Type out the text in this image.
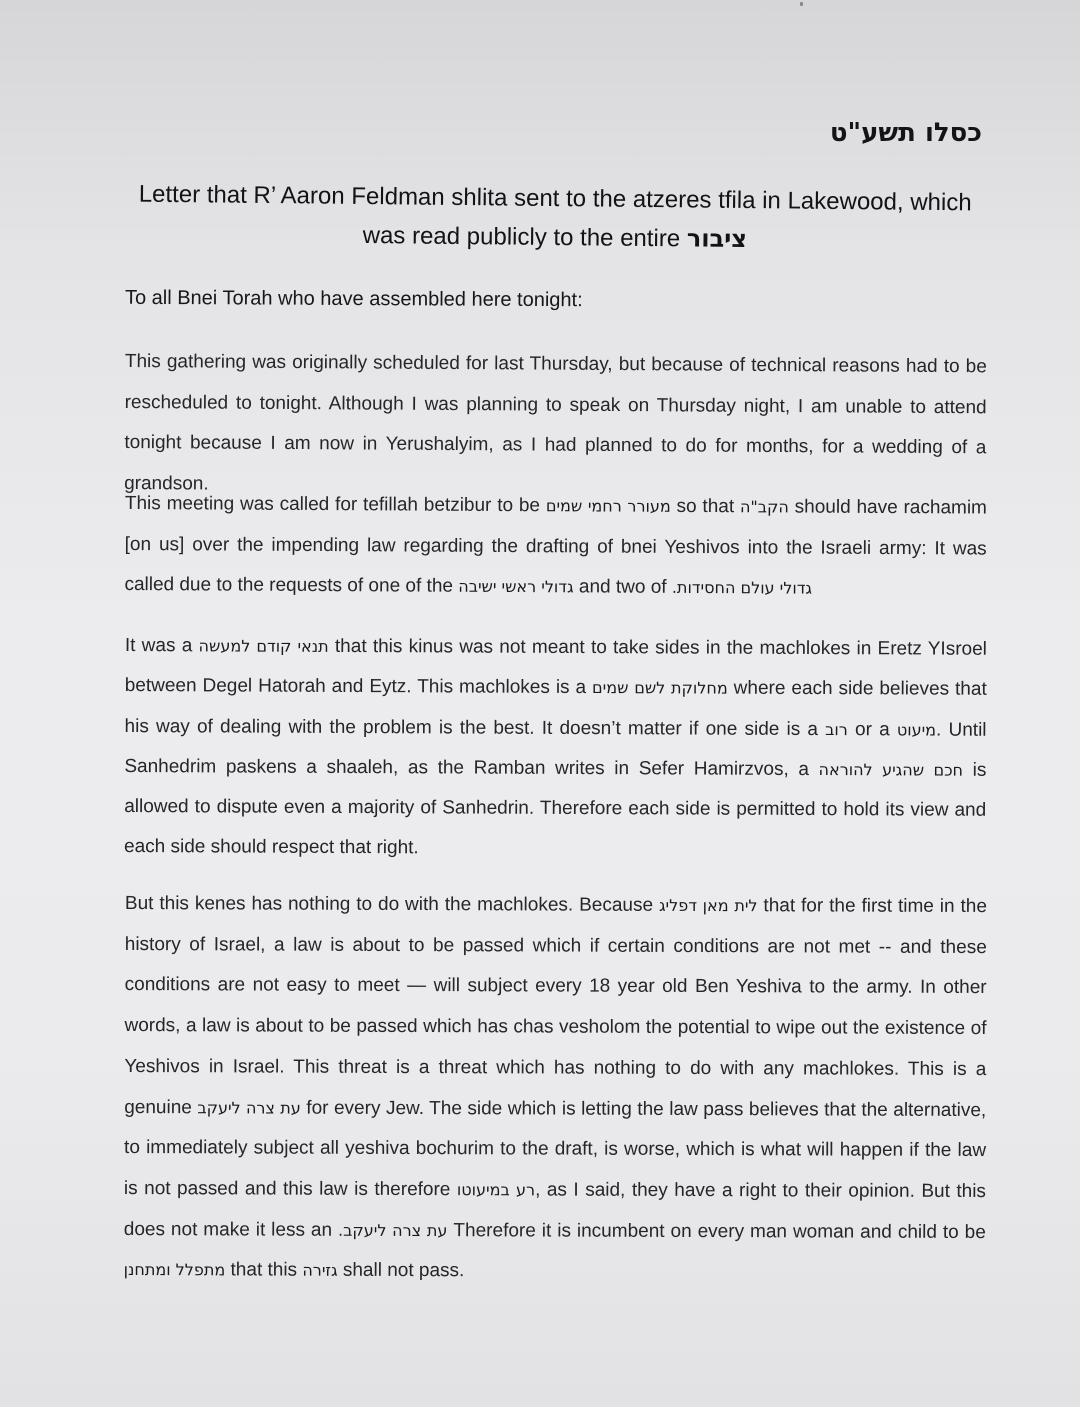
כסלו תשע"ט
Letter that R’ Aaron Feldman shlita sent to the atzeres tfila in Lakewood, which was read publicly to the entire ציבור
To all Bnei Torah who have assembled here tonight:
This gathering was originally scheduled for last Thursday, but because of technical reasons had to be rescheduled to tonight. Although I was planning to speak on Thursday night, I am unable to attend tonight because I am now in Yerushalyim, as I had planned to do for months, for a wedding of a grandson.
This meeting was called for tefillah betzibur to be מעורר רחמי שמים so that הקב"ה should have rachamim [on us] over the impending law regarding the drafting of bnei Yeshivos into the Israeli army: It was called due to the requests of one of the גדולי ראשי ישיבה and two of גדולי עולם החסידות.
It was a תנאי קודם למעשה that this kinus was not meant to take sides in the machlokes in Eretz YIsroel between Degel Hatorah and Eytz. This machlokes is a מחלוקת לשם שמים where each side believes that his way of dealing with the problem is the best. It doesn’t matter if one side is a רוב or a מיעוט. Until Sanhedrim paskens a shaaleh, as the Ramban writes in Sefer Hamirzvos, a חכם שהגיע להוראה is allowed to dispute even a majority of Sanhedrin. Therefore each side is permitted to hold its view and each side should respect that right.
But this kenes has nothing to do with the machlokes. Because לית מאן דפליג that for the first time in the history of Israel, a law is about to be passed which if certain conditions are not met -- and these conditions are not easy to meet — will subject every 18 year old Ben Yeshiva to the army. In other words, a law is about to be passed which has chas vesholom the potential to wipe out the existence of Yeshivos in Israel. This threat is a threat which has nothing to do with any machlokes. This is a genuine עת צרה ליעקב for every Jew. The side which is letting the law pass believes that the alternative, to immediately subject all yeshiva bochurim to the draft, is worse, which is what will happen if the law is not passed and this law is therefore רע במיעוטו, as I said, they have a right to their opinion. But this does not make it less an עת צרה ליעקב. Therefore it is incumbent on every man woman and child to be מתפלל ומתחנן that this גזירה shall not pass.
